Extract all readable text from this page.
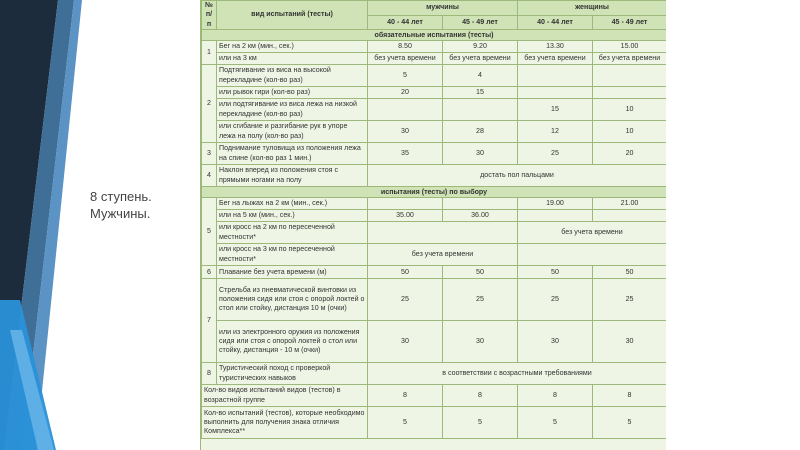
8 ступень.
Мужчины.
№ п/п	вид испытаний (тесты)	мужчины		женщины	
		40 - 44 лет	45 - 49 лет	40 - 44 лет	45 - 49 лет
обязательные испытания (тесты)					
1	Бег на 2 км (мин., сек.)	8.50	9.20	13.30	15.00
	или на 3 км	без учета времени	без учета времени	без учета времени	без учета времени
2	Подтягивание из виса на высокой перекладине (кол-во раз)	5	4		
	или рывок гири (кол-во раз)	20	15		
	или подтягивание из виса лежа на низкой перекладине (кол-во раз)			15	10
	или сгибание и разгибание рук в упоре лежа на полу (кол-во раз)	30	28	12	10
3	Поднимание туловища из положения лежа на спине (кол-во раз 1 мин.)	35	30	25	20
4	Наклон вперед из положения стоя с прямыми ногами на полу	достать пол пальцами			
испытания (тесты) по выбору					
5	Бег на лыжах на 2 км (мин., сек.)			19.00	21.00
	или на 5 км (мин., сек.)	35.00	36.00		
	или кросс на 2 км по пересеченной местности*			без учета времени	
	или кросс на 3 км по пересеченной местности*	без учета времени			
6	Плавание без учета времени (м)	50	50	50	50
7	Стрельба из пневматической винтовки из положения сидя или стоя с опорой локтей о стол или стойку, дистанция 10 м (очки)	25	25	25	25
	или из электронного оружия из положения сидя или стоя с опорой локтей о стол или стойку, дистанция - 10 м (очки)	30	30	30	30
8	Туристический поход с проверкой туристических навыков	в соответствии с возрастными требованиями			
Кол-во видов испытаний видов (тестов) в возрастной группе		8	8	8	8
Кол-во испытаний (тестов), которые необходимо выполнить для получения знака отличия Комплекса**		5	5	5	5
